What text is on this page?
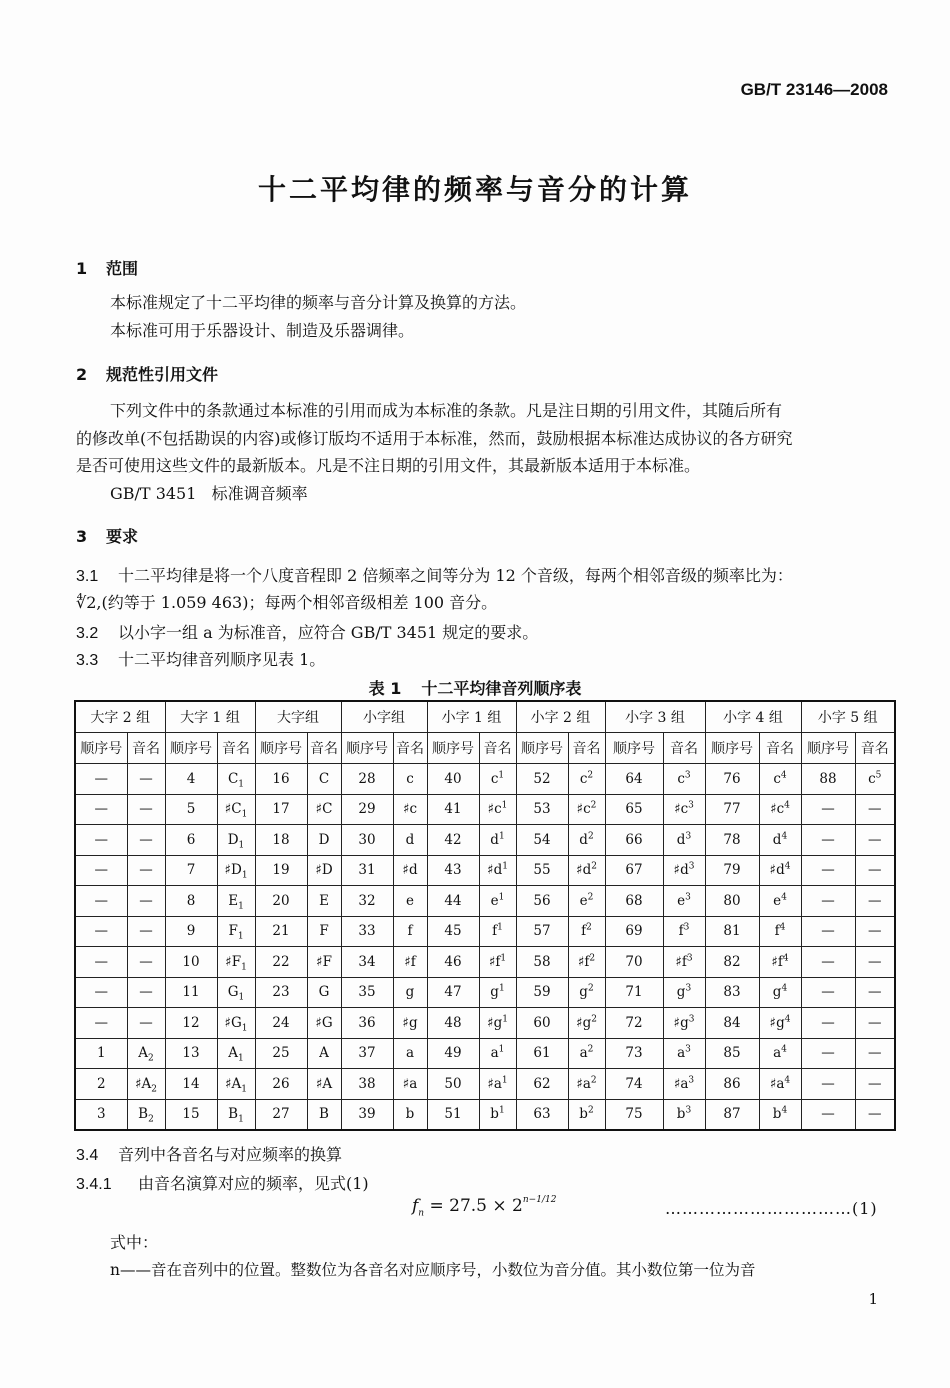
GB/T 23146—2008
十二平均律的频率与音分的计算
1 范围
本标准规定了十二平均律的频率与音分计算及换算的方法。
本标准可用于乐器设计、制造及乐器调律。
2 规范性引用文件
下列文件中的条款通过本标准的引用而成为本标准的条款。凡是注日期的引用文件，其随后所有
的修改单(不包括勘误的内容)或修订版均不适用于本标准，然而，鼓励根据本标准达成协议的各方研究
是否可使用这些文件的最新版本。凡是不注日期的引用文件，其最新版本适用于本标准。
GB/T 3451 标准调音频率
3 要求
3.1 十二平均律是将一个八度音程即 2 倍频率之间等分为 12 个音级，每两个相邻音级的频率比为：
∜2,(约等于 1.059 463)；每两个相邻音级相差 100 音分。
3.2 以小字一组 a 为标准音，应符合 GB/T 3451 规定的要求。
3.3 十二平均律音列顺序见表 1。
表 1 十二平均律音列顺序表
大字 2 组		大字 1 组		大字组		小字组		小字 1 组		小字 2 组		小字 3 组		小字 4 组		小字 5 组	
顺序号	音名	顺序号	音名	顺序号	音名	顺序号	音名	顺序号	音名	顺序号	音名	顺序号	音名	顺序号	音名	顺序号	音名
—	—	4	$C_1$	16	C	28	c	40	$c^1$	52	$c^2$	64	$c^3$	76	$c^4$	88	$c^5$
—	—	5	$♯C_1$	17	♯C	29	♯c	41	$♯c^1$	53	$♯c^2$	65	$♯c^3$	77	$♯c^4$	—	—
—	—	6	$D_1$	18	D	30	d	42	$d^1$	54	$d^2$	66	$d^3$	78	$d^4$	—	—
—	—	7	$♯D_1$	19	♯D	31	♯d	43	$♯d^1$	55	$♯d^2$	67	$♯d^3$	79	$♯d^4$	—	—
—	—	8	$E_1$	20	E	32	e	44	$e^1$	56	$e^2$	68	$e^3$	80	$e^4$	—	—
—	—	9	$F_1$	21	F	33	f	45	$f^1$	57	$f^2$	69	$f^3$	81	$f^4$	—	—
—	—	10	$♯F_1$	22	♯F	34	♯f	46	$♯f^1$	58	$♯f^2$	70	$♯f^3$	82	$♯f^4$	—	—
—	—	11	$G_1$	23	G	35	g	47	$g^1$	59	$g^2$	71	$g^3$	83	$g^4$	—	—
—	—	12	$♯G_1$	24	♯G	36	♯g	48	$♯g^1$	60	$♯g^2$	72	$♯g^3$	84	$♯g^4$	—	—
1	$A_2$	13	$A_1$	25	A	37	a	49	$a^1$	61	$a^2$	73	$a^3$	85	$a^4$	—	—
2	$♯A_2$	14	$♯A_1$	26	♯A	38	♯a	50	$♯a^1$	62	$♯a^2$	74	$♯a^3$	86	$♯a^4$	—	—
3	$B_2$	15	$B_1$	27	B	39	b	51	$b^1$	63	$b^2$	75	$b^3$	87	$b^4$	—	—
3.4 音列中各音名与对应频率的换算
3.4.1 由音名演算对应的频率，见式(1)
$f_n = 27.5 \times 2^{n-1/12}$	……………………………(1)
式中：
n——音在音列中的位置。整数位为各音名对应顺序号，小数位为音分值。其小数位第一位为音
1
